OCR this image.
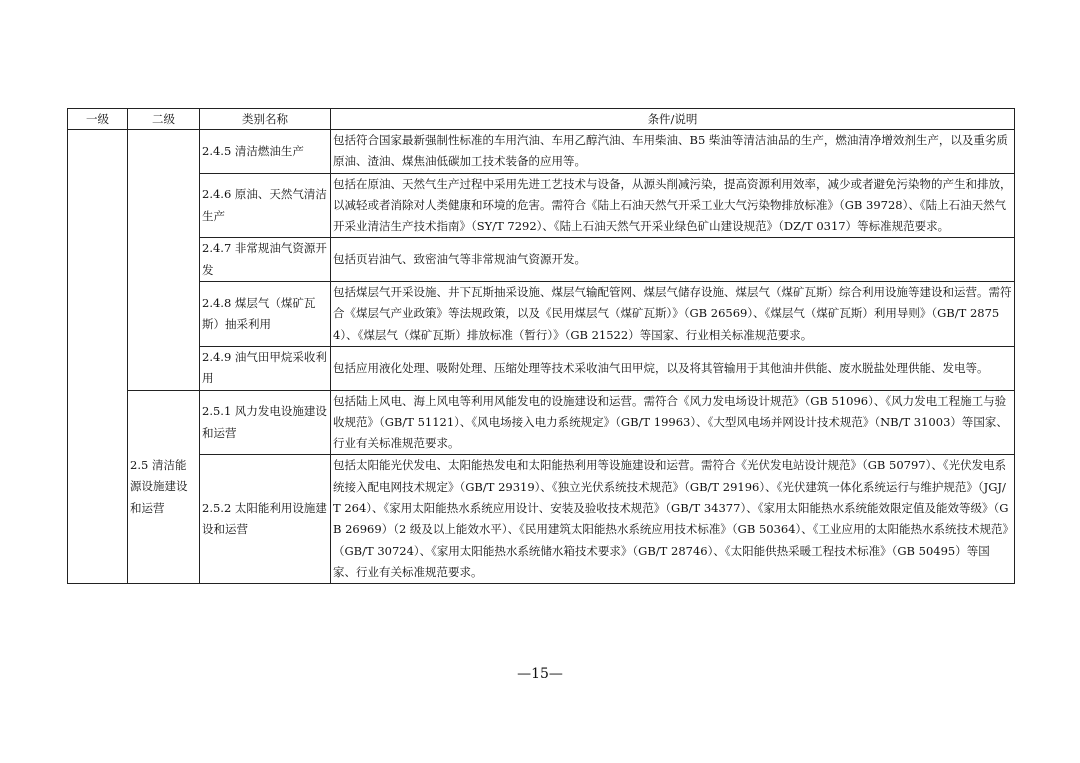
一级	二级	类别名称	条件/说明
		2.4.5 清洁燃油生产	包括符合国家最新强制性标准的车用汽油、车用乙醇汽油、车用柴油、B5 柴油等清洁油品的生产，燃油清净增效剂生产，以及重劣质原油、渣油、煤焦油低碳加工技术装备的应用等。
		2.4.6 原油、天然气清洁生产	包括在原油、天然气生产过程中采用先进工艺技术与设备，从源头削减污染，提高资源利用效率，减少或者避免污染物的产生和排放，以减轻或者消除对人类健康和环境的危害。需符合《陆上石油天然气开采工业大气污染物排放标准》（GB 39728）、《陆上石油天然气开采业清洁生产技术指南》（SY/T 7292）、《陆上石油天然气开采业绿色矿山建设规范》（DZ/T 0317）等标准规范要求。
		2.4.7 非常规油气资源开发	包括页岩油气、致密油气等非常规油气资源开发。
		2.4.8 煤层气（煤矿瓦斯）抽采利用	包括煤层气开采设施、井下瓦斯抽采设施、煤层气输配管网、煤层气储存设施、煤层气（煤矿瓦斯）综合利用设施等建设和运营。需符合《煤层气产业政策》等法规政策，以及《民用煤层气（煤矿瓦斯）》（GB 26569）、《煤层气（煤矿瓦斯）利用导则》（GB/T 28754）、《煤层气（煤矿瓦斯）排放标准（暂行）》（GB 21522）等国家、行业相关标准规范要求。
		2.4.9 油气田甲烷采收利用	包括应用液化处理、吸附处理、压缩处理等技术采收油气田甲烷，以及将其管输用于其他油井供能、废水脱盐处理供能、发电等。
	2.5 清洁能源设施建设和运营	2.5.1 风力发电设施建设和运营	包括陆上风电、海上风电等利用风能发电的设施建设和运营。需符合《风力发电场设计规范》（GB 51096）、《风力发电工程施工与验收规范》（GB/T 51121）、《风电场接入电力系统规定》（GB/T 19963）、《大型风电场并网设计技术规范》（NB/T 31003）等国家、行业有关标准规范要求。
		2.5.2 太阳能利用设施建设和运营	包括太阳能光伏发电、太阳能热发电和太阳能热利用等设施建设和运营。需符合《光伏发电站设计规范》（GB 50797）、《光伏发电系统接入配电网技术规定》（GB/T 29319）、《独立光伏系统技术规范》（GB/T 29196）、《光伏建筑一体化系统运行与维护规范》（JGJ/T 264）、《家用太阳能热水系统应用设计、安装及验收技术规范》（GB/T 34377）、《家用太阳能热水系统能效限定值及能效等级》（GB 26969）（2 级及以上能效水平）、《民用建筑太阳能热水系统应用技术标准》（GB 50364）、《工业应用的太阳能热水系统技术规范》（GB/T 30724）、《家用太阳能热水系统储水箱技术要求》（GB/T 28746）、《太阳能供热采暖工程技术标准》（GB 50495）等国家、行业有关标准规范要求。
—15—
